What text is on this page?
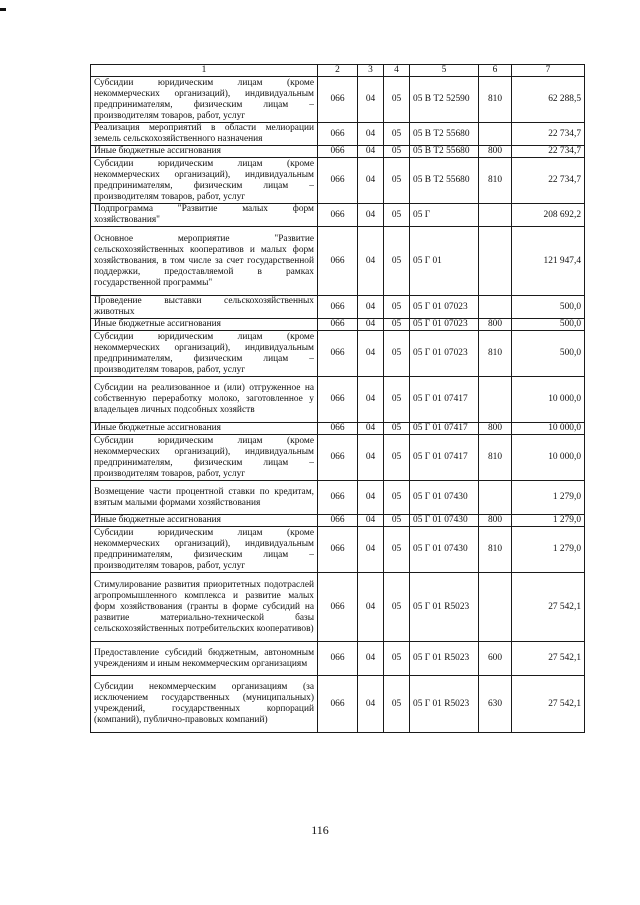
1	2	3	4	5	6	7
Субсидии юридическим лицам (кроме некоммерческих организаций), индивидуальным предпринимателям, физическим лицам – производителям товаров, работ, услуг	066	04	05	05 В Т2 52590	810	62 288,5
Реализация мероприятий в области мелиорации земель сельскохозяйственного назначения	066	04	05	05 В Т2 55680		22 734,7
Иные бюджетные ассигнования	066	04	05	05 В Т2 55680	800	22 734,7
Субсидии юридическим лицам (кроме некоммерческих организаций), индивидуальным предпринимателям, физическим лицам – производителям товаров, работ, услуг	066	04	05	05 В Т2 55680	810	22 734,7
Подпрограмма "Развитие малых форм хозяйствования"	066	04	05	05 Г		208 692,2
Основное мероприятие "Развитие сельскохозяйственных кооперативов и малых форм хозяйствования, в том числе за счет государственной поддержки, предоставляемой в рамках государственной программы"	066	04	05	05 Г 01		121 947,4
Проведение выставки сельскохозяйственных животных	066	04	05	05 Г 01 07023		500,0
Иные бюджетные ассигнования	066	04	05	05 Г 01 07023	800	500,0
Субсидии юридическим лицам (кроме некоммерческих организаций), индивидуальным предпринимателям, физическим лицам – производителям товаров, работ, услуг	066	04	05	05 Г 01 07023	810	500,0
Субсидии на реализованное и (или) отгруженное на собственную переработку молоко, заготовленное у владельцев личных подсобных хозяйств	066	04	05	05 Г 01 07417		10 000,0
Иные бюджетные ассигнования	066	04	05	05 Г 01 07417	800	10 000,0
Субсидии юридическим лицам (кроме некоммерческих организаций), индивидуальным предпринимателям, физическим лицам – производителям товаров, работ, услуг	066	04	05	05 Г 01 07417	810	10 000,0
Возмещение части процентной ставки по кредитам, взятым малыми формами хозяйствования	066	04	05	05 Г 01 07430		1 279,0
Иные бюджетные ассигнования	066	04	05	05 Г 01 07430	800	1 279,0
Субсидии юридическим лицам (кроме некоммерческих организаций), индивидуальным предпринимателям, физическим лицам – производителям товаров, работ, услуг	066	04	05	05 Г 01 07430	810	1 279,0
Стимулирование развития приоритетных подотраслей агропромышленного комплекса и развитие малых форм хозяйствования (гранты в форме субсидий на развитие материально-технической базы сельскохозяйственных потребительских кооперативов)	066	04	05	05 Г 01 R5023		27 542,1
Предоставление субсидий бюджетным, автономным учреждениям и иным некоммерческим организациям	066	04	05	05 Г 01 R5023	600	27 542,1
Субсидии некоммерческим организациям (за исключением государственных (муниципальных) учреждений, государственных корпораций (компаний), публично-правовых компаний)	066	04	05	05 Г 01 R5023	630	27 542,1
116
